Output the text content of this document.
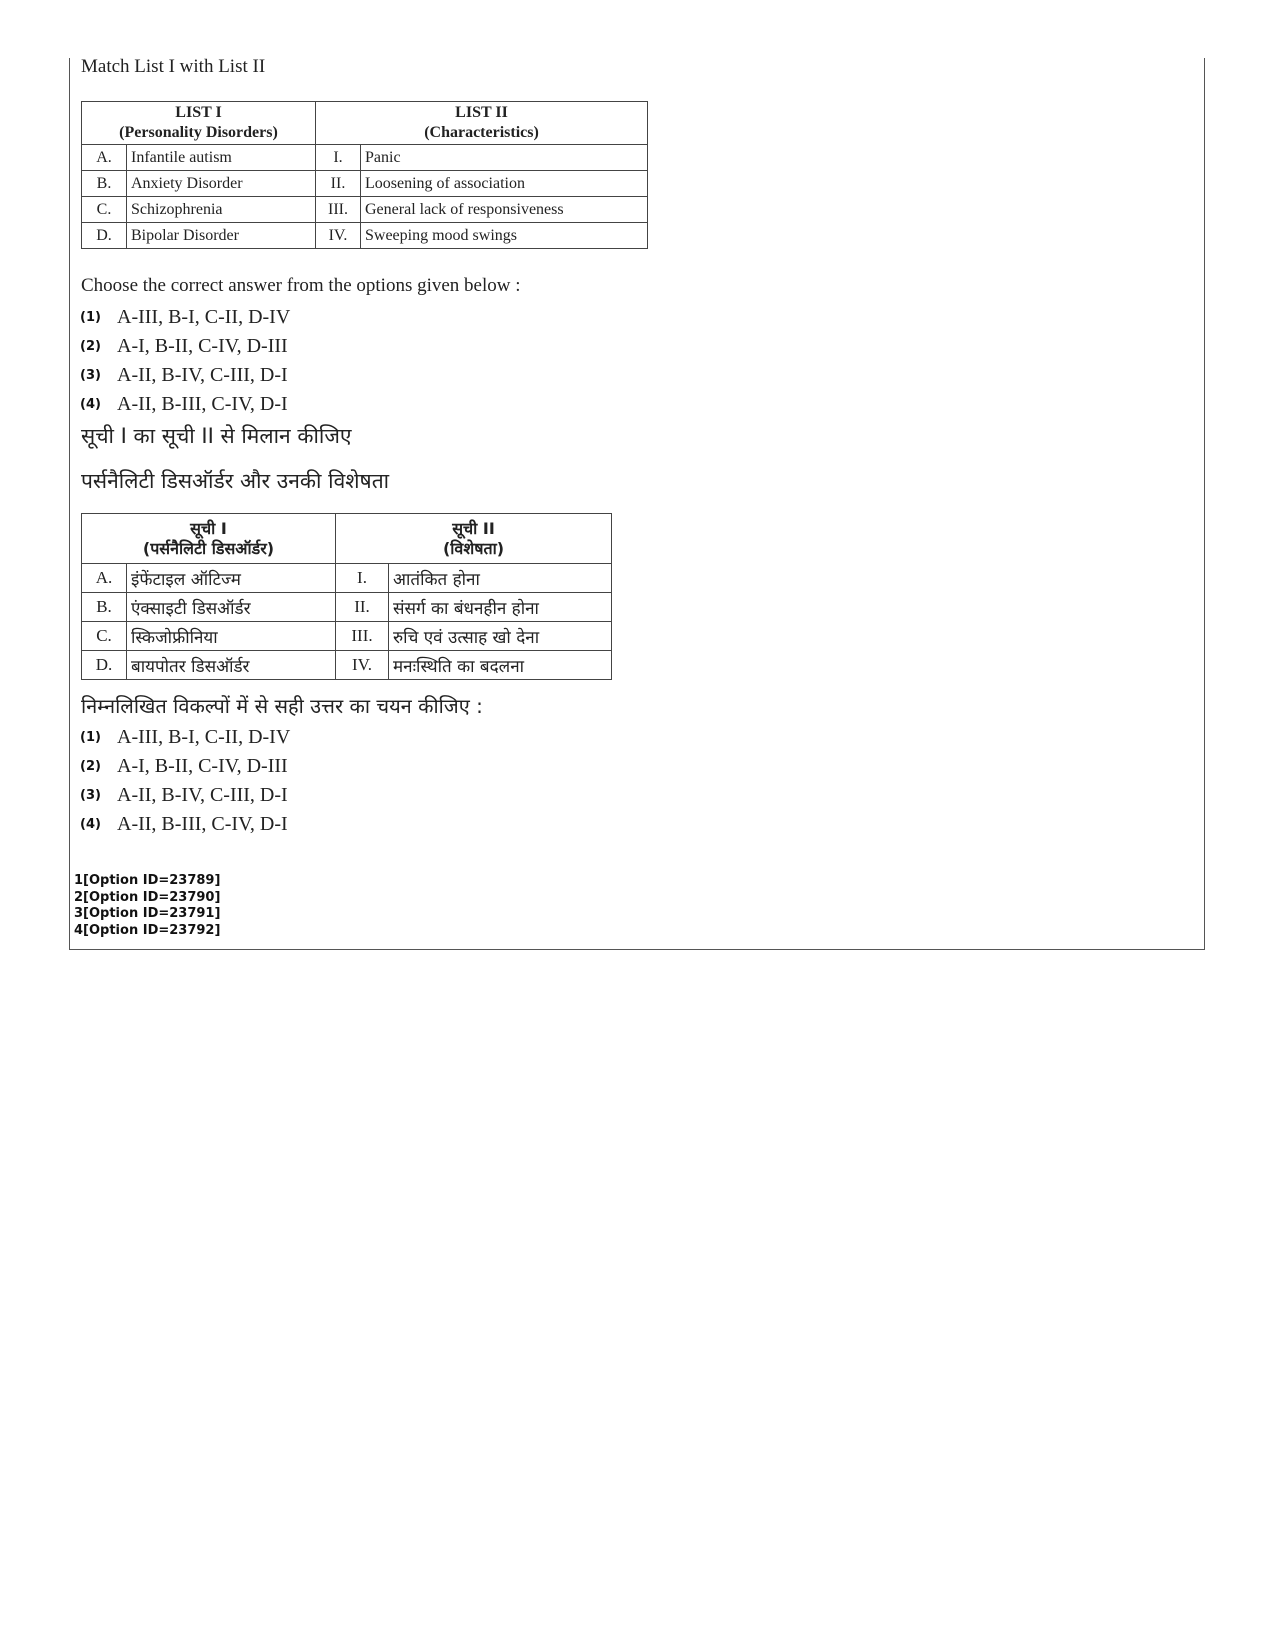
Match List I with List II
LIST I
(Personality Disorders)		LIST II
(Characteristics)	
A.	Infantile autism	I.	Panic
B.	Anxiety Disorder	II.	Loosening of association
C.	Schizophrenia	III.	General lack of responsiveness
D.	Bipolar Disorder	IV.	Sweeping mood swings
Choose the correct answer from the options given below :
(1) A-III, B-I, C-II, D-IV
(2) A-I, B-II, C-IV, D-III
(3) A-II, B-IV, C-III, D-I
(4) A-II, B-III, C-IV, D-I
सूची I का सूची II से मिलान कीजिए
पर्सनैलिटी डिसऑर्डर और उनकी विशेषता
सूची I
(पर्सनैलिटी डिसऑर्डर)		सूची II
(विशेषता)	
A.	इंफेंटाइल ऑटिज्म	I.	आतंकित होना
B.	एंक्साइटी डिसऑर्डर	II.	संसर्ग का बंधनहीन होना
C.	स्किजोफ्रीनिया	III.	रुचि एवं उत्साह खो देना
D.	बायपोतर डिसऑर्डर	IV.	मनःस्थिति का बदलना
निम्नलिखित विकल्पों में से सही उत्तर का चयन कीजिए :
(1) A-III, B-I, C-II, D-IV
(2) A-I, B-II, C-IV, D-III
(3) A-II, B-IV, C-III, D-I
(4) A-II, B-III, C-IV, D-I
1[Option ID=23789]
2[Option ID=23790]
3[Option ID=23791]
4[Option ID=23792]
